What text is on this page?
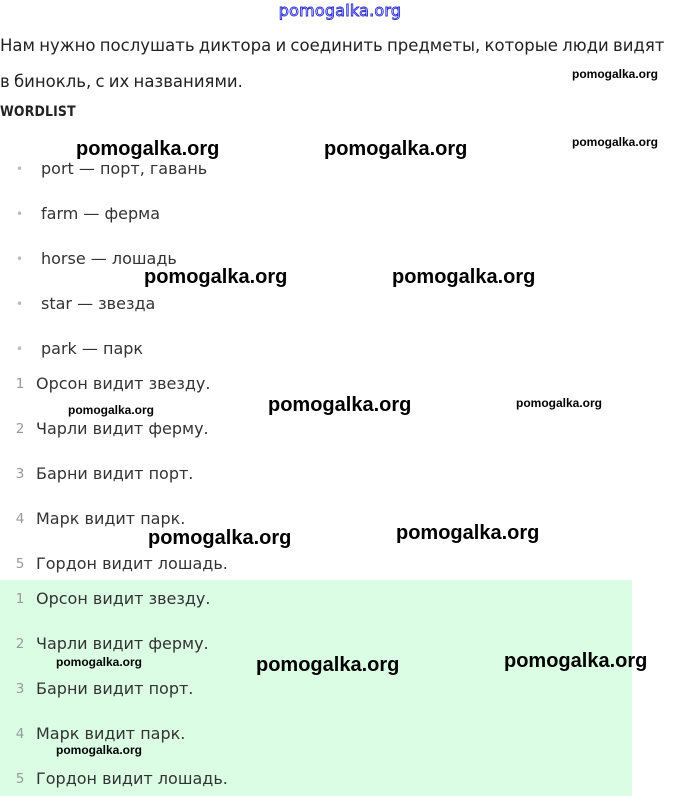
pomogalka.org
Нам нужно послушать диктора и соединить предметы, которые люди видят в бинокль, с их названиями.
WORDLIST
• port — порт, гавань
• farm — ферма
• horse — лошадь
• star — звезда
• park — парк
1 Орсон видит звезду.
2 Чарли видит ферму.
3 Барни видит порт.
4 Марк видит парк.
5 Гордон видит лошадь.
1 Орсон видит звезду.
2 Чарли видит ферму.
3 Барни видит порт.
4 Марк видит парк.
5 Гордон видит лошадь.
pomogalka.org
pomogalka.org
pomogalka.org	pomogalka.org
pomogalka.org	pomogalka.org
pomogalka.org	pomogalka.org	pomogalka.org
pomogalka.org	pomogalka.org
pomogalka.org	pomogalka.org	pomogalka.org
pomogalka.org
